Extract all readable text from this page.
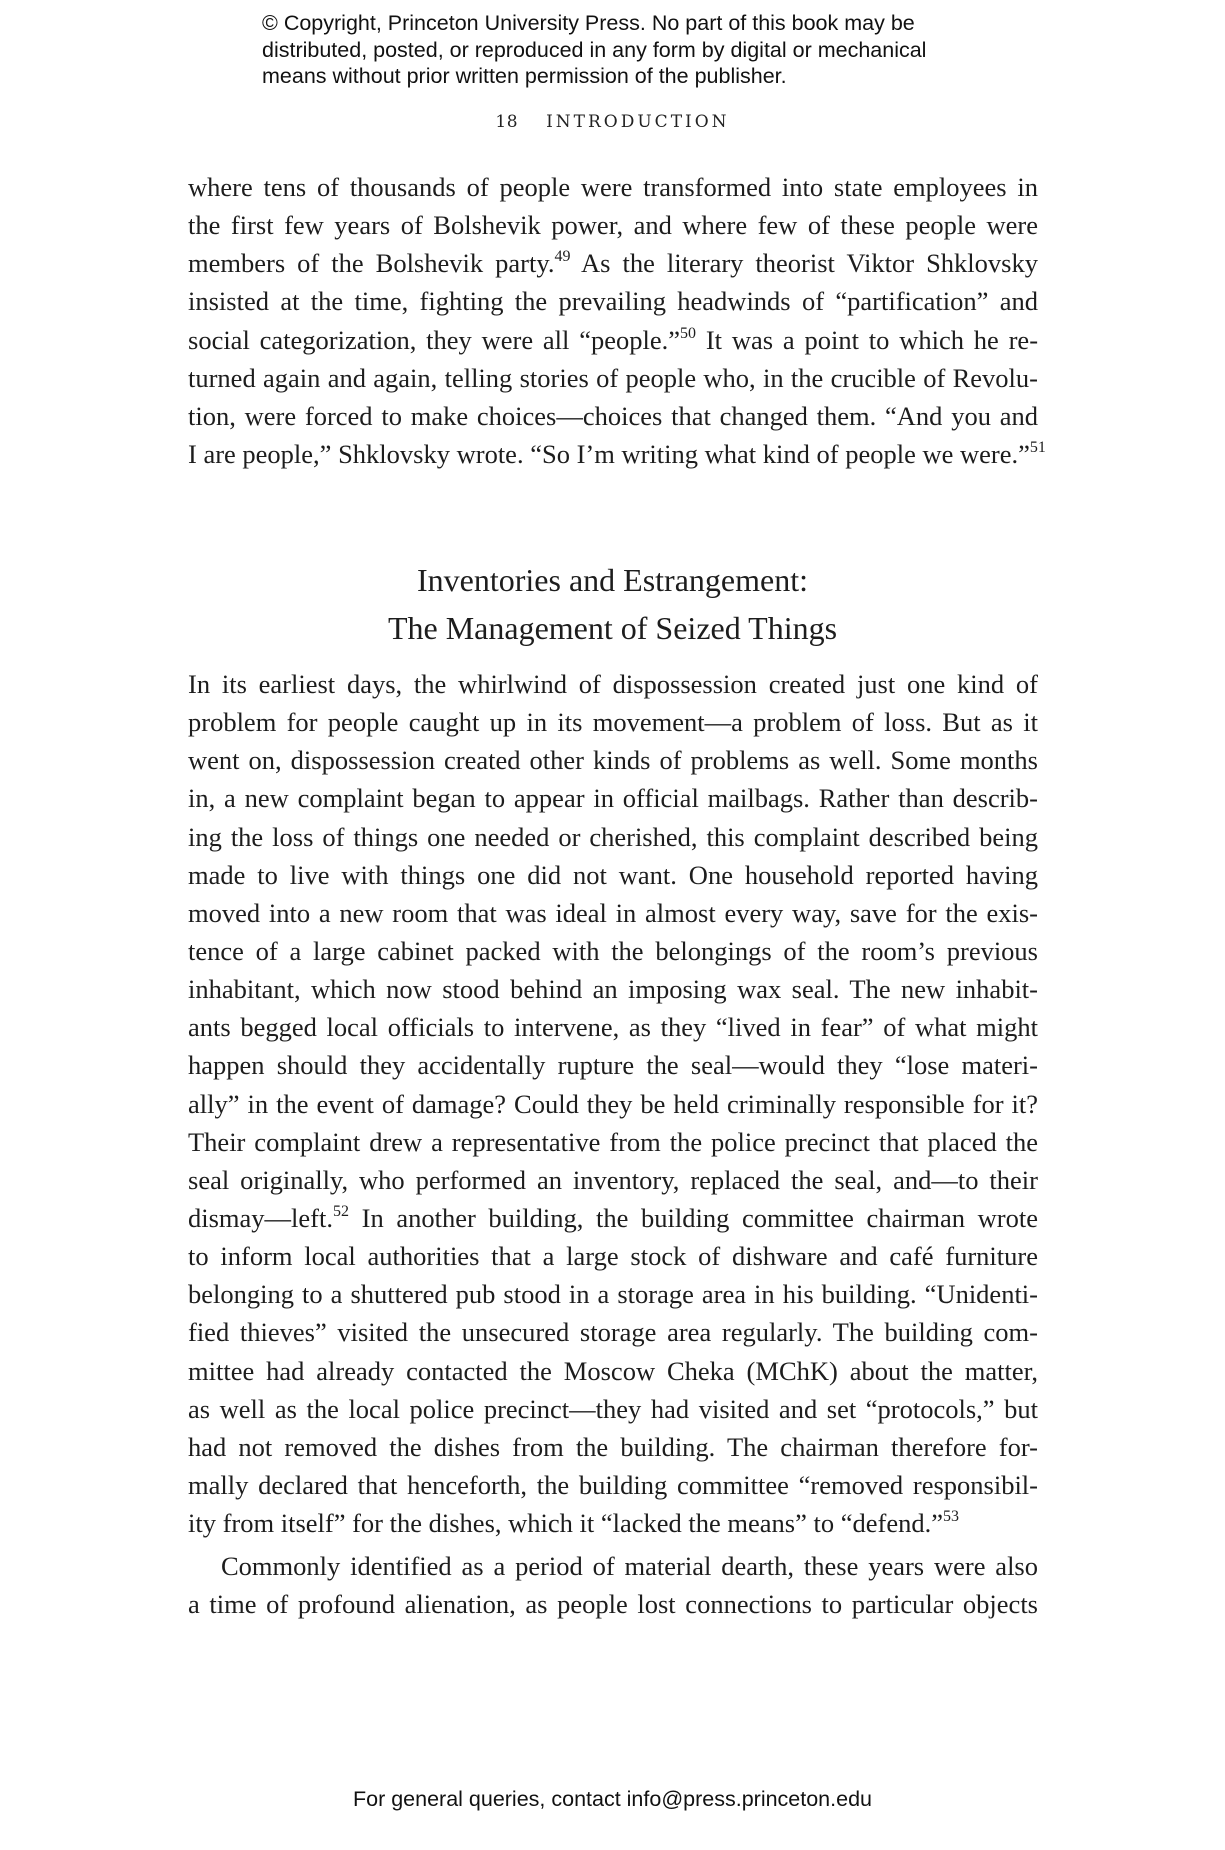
© Copyright, Princeton University Press. No part of this book may be
distributed, posted, or reproduced in any form by digital or mechanical
means without prior written permission of the publisher.
18 INTRODUCTION
where tens of thousands of people were transformed into state employees in
the first few years of Bolshevik power, and where few of these people were
members of the Bolshevik party.$^{49}$ As the literary theorist Viktor Shklovsky
insisted at the time, fighting the prevailing headwinds of “partification” and
social categorization, they were all “people.”$^{50}$ It was a point to which he re-
turned again and again, telling stories of people who, in the crucible of Revolu-
tion, were forced to make choices—choices that changed them. “And you and
I are people,” Shklovsky wrote. “So I’m writing what kind of people we were.”$^{51}$
Inventories and Estrangement:
The Management of Seized Things
In its earliest days, the whirlwind of dispossession created just one kind of
problem for people caught up in its movement—a problem of loss. But as it
went on, dispossession created other kinds of problems as well. Some months
in, a new complaint began to appear in official mailbags. Rather than describ-
ing the loss of things one needed or cherished, this complaint described being
made to live with things one did not want. One household reported having
moved into a new room that was ideal in almost every way, save for the exis-
tence of a large cabinet packed with the belongings of the room’s previous
inhabitant, which now stood behind an imposing wax seal. The new inhabit-
ants begged local officials to intervene, as they “lived in fear” of what might
happen should they accidentally rupture the seal—would they “lose materi-
ally” in the event of damage? Could they be held criminally responsible for it?
Their complaint drew a representative from the police precinct that placed the
seal originally, who performed an inventory, replaced the seal, and—to their
dismay—left.$^{52}$ In another building, the building committee chairman wrote
to inform local authorities that a large stock of dishware and café furniture
belonging to a shuttered pub stood in a storage area in his building. “Unidenti-
fied thieves” visited the unsecured storage area regularly. The building com-
mittee had already contacted the Moscow Cheka (MChK) about the matter,
as well as the local police precinct—they had visited and set “protocols,” but
had not removed the dishes from the building. The chairman therefore for-
mally declared that henceforth, the building committee “removed responsibil-
ity from itself” for the dishes, which it “lacked the means” to “defend.”$^{53}$
Commonly identified as a period of material dearth, these years were also
a time of profound alienation, as people lost connections to particular objects
For general queries, contact info@press.princeton.edu
